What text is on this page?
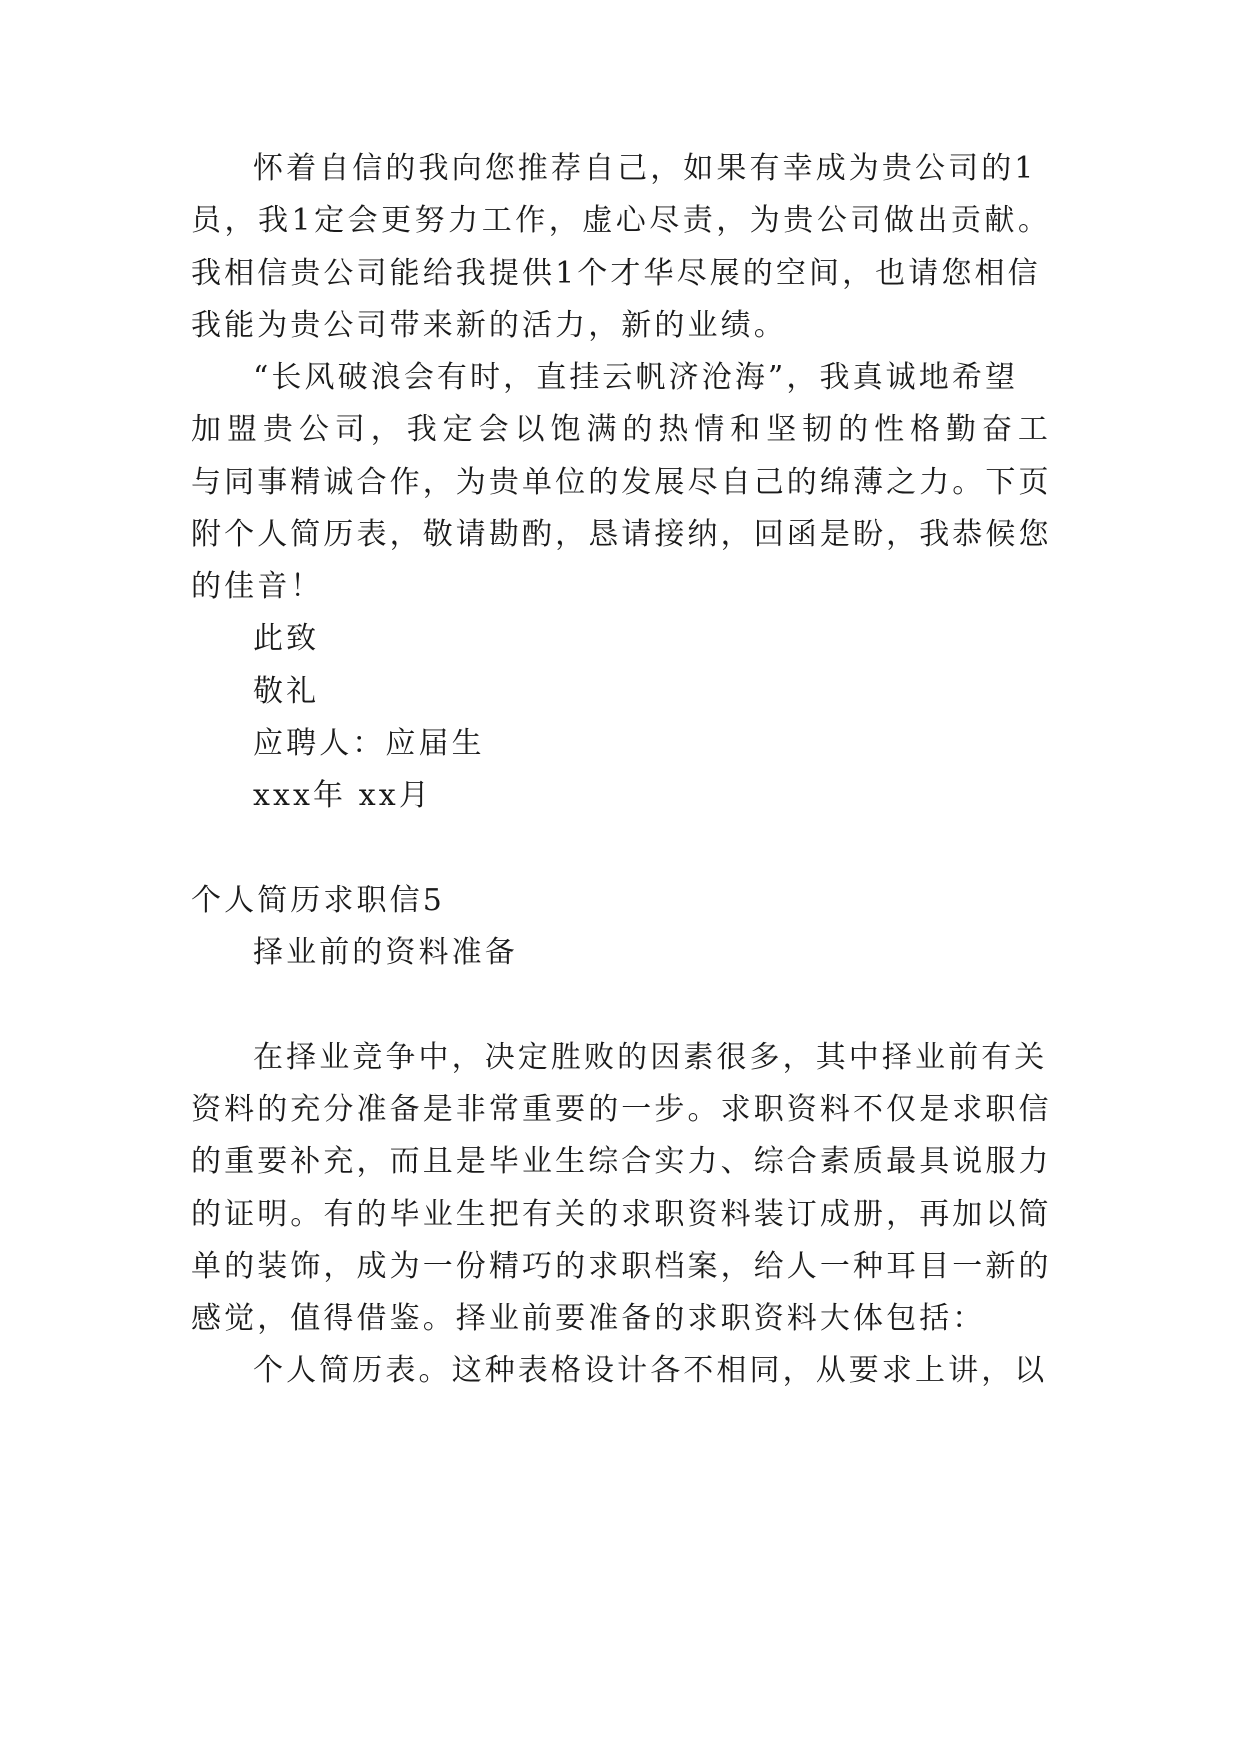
怀着自信的我向您推荐自己，如果有幸成为贵公司的1
员，我1定会更努力工作，虚心尽责，为贵公司做出贡献。
我相信贵公司能给我提供1个才华尽展的空间，也请您相信
我能为贵公司带来新的活力，新的业绩。
“长风破浪会有时，直挂云帆济沧海”，我真诚地希望
加盟贵公司，我定会以饱满的热情和坚韧的性格勤奋工
与同事精诚合作，为贵单位的发展尽自己的绵薄之力。下页
附个人简历表，敬请勘酌，恳请接纳，回函是盼，我恭候您
的佳音！
此致
敬礼
应聘人：应届生
xxx年 xx月
个人简历求职信5
择业前的资料准备
在择业竞争中，决定胜败的因素很多，其中择业前有关
资料的充分准备是非常重要的一步。求职资料不仅是求职信
的重要补充，而且是毕业生综合实力、综合素质最具说服力
的证明。有的毕业生把有关的求职资料装订成册，再加以简
单的装饰，成为一份精巧的求职档案，给人一种耳目一新的
感觉，值得借鉴。择业前要准备的求职资料大体包括：
个人简历表。这种表格设计各不相同，从要求上讲，以
